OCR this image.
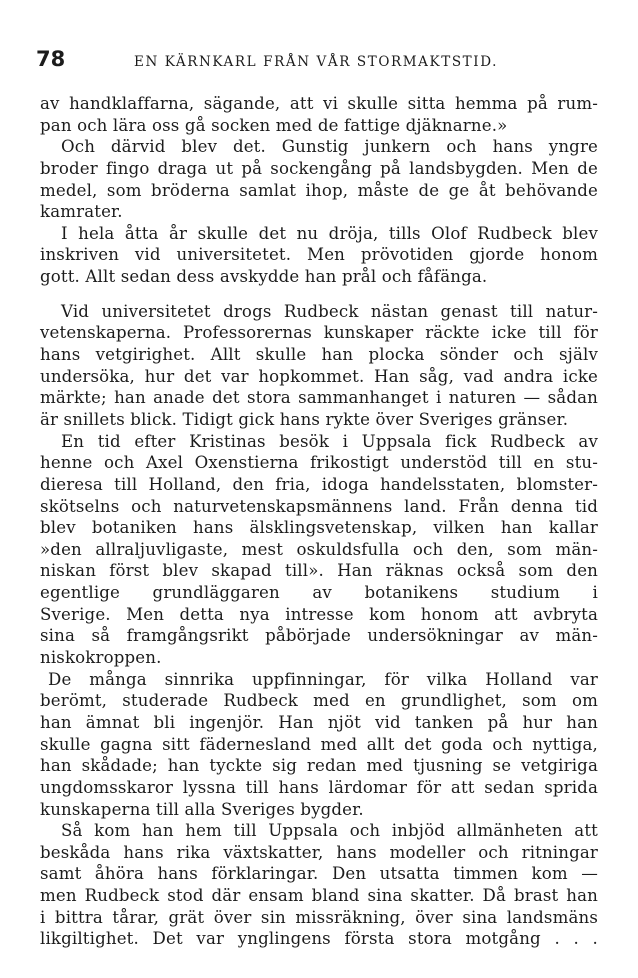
78	EN KÄRNKARL FRÅN VÅR STORMAKTSTID.
av handklaffarna, sägande, att vi skulle sitta hemma på rum-
pan och lära oss gå socken med de fattige djäknarne.»
Och därvid blev det. Gunstig junkern och hans yngre
broder fingo draga ut på sockengång på landsbygden. Men de
medel, som bröderna samlat ihop, måste de ge åt behövande
kamrater.
I hela åtta år skulle det nu dröja, tills Olof Rudbeck blev
inskriven vid universitetet. Men prövotiden gjorde honom
gott. Allt sedan dess avskydde han prål och fåfänga.
Vid universitetet drogs Rudbeck nästan genast till natur-
vetenskaperna. Professorernas kunskaper räckte icke till för
hans vetgirighet. Allt skulle han plocka sönder och själv
undersöka, hur det var hopkommet. Han såg, vad andra icke
märkte; han anade det stora sammanhanget i naturen — sådan
är snillets blick. Tidigt gick hans rykte över Sveriges gränser.
En tid efter Kristinas besök i Uppsala fick Rudbeck av
henne och Axel Oxenstierna frikostigt understöd till en stu-
dieresa till Holland, den fria, idoga handelsstaten, blomster-
skötselns och naturvetenskapsmännens land. Från denna tid
blev botaniken hans älsklingsvetenskap, vilken han kallar
»den allraljuvligaste, mest oskuldsfulla och den, som män-
niskan först blev skapad till». Han räknas också som den
egentlige grundläggaren av botanikens studium i
Sverige. Men detta nya intresse kom honom att avbryta
sina så framgångsrikt påbörjade undersökningar av män-
niskokroppen.
De många sinnrika uppfinningar, för vilka Holland var
berömt, studerade Rudbeck med en grundlighet, som om
han ämnat bli ingenjör. Han njöt vid tanken på hur han
skulle gagna sitt fädernesland med allt det goda och nyttiga,
han skådade; han tyckte sig redan med tjusning se vetgiriga
ungdomsskaror lyssna till hans lärdomar för att sedan sprida
kunskaperna till alla Sveriges bygder.
Så kom han hem till Uppsala och inbjöd allmänheten att
beskåda hans rika växtskatter, hans modeller och ritningar
samt åhöra hans förklaringar. Den utsatta timmen kom —
men Rudbeck stod där ensam bland sina skatter. Då brast han
i bittra tårar, grät över sin missräkning, över sina landsmäns
likgiltighet. Det var ynglingens första stora motgång . . .
